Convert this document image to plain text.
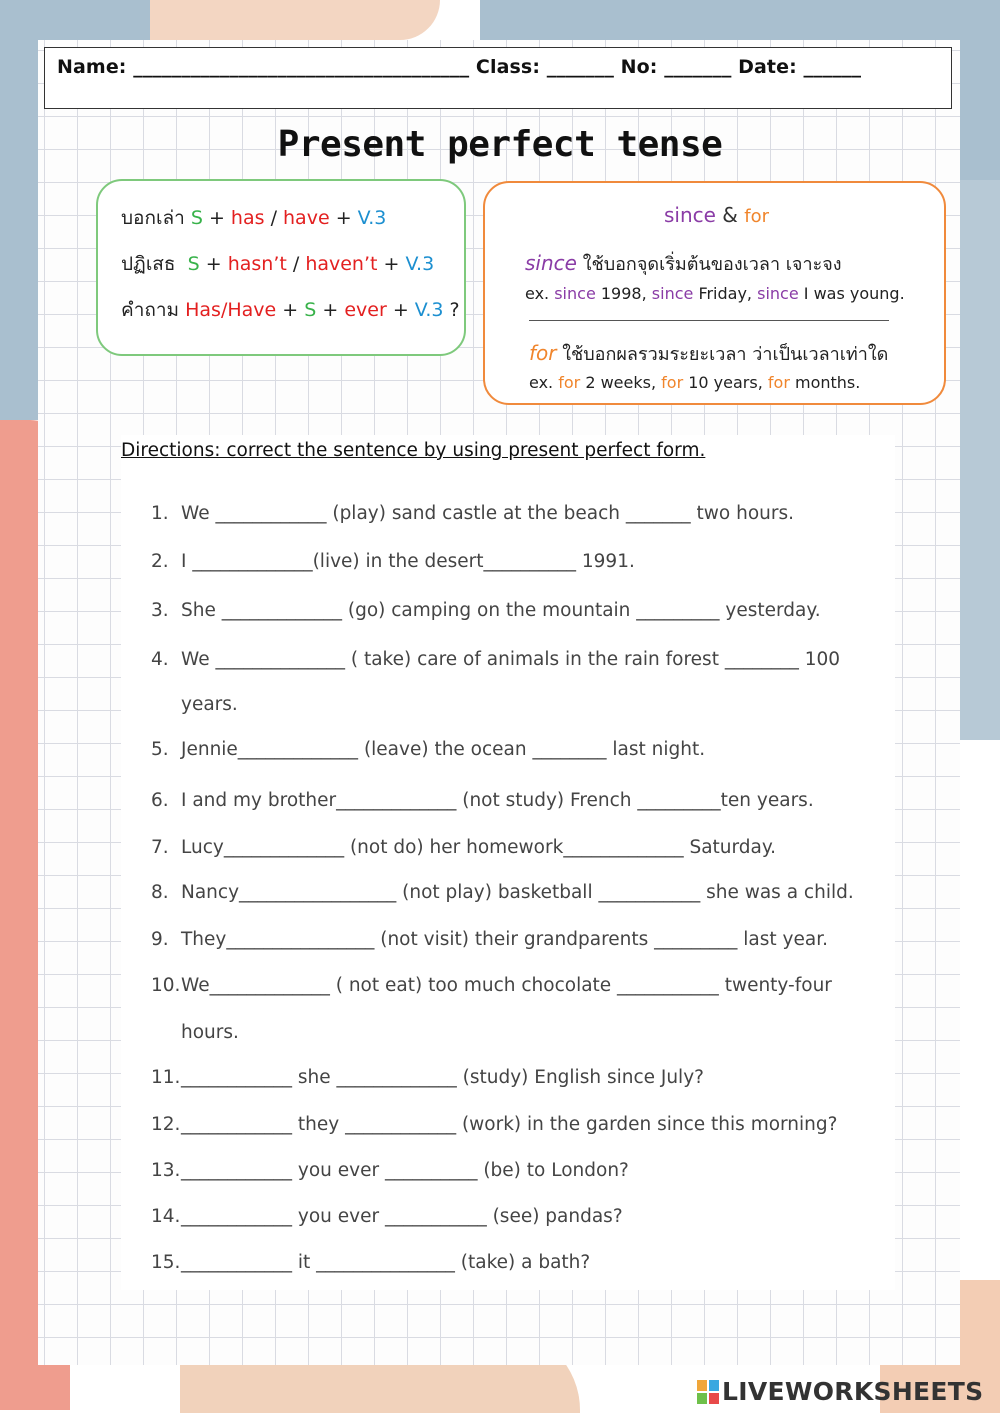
Name: ___________________________________ Class: _______ No: _______ Date: ______
Present perfect tense
บอกเล่า S + has / have + V.3
ปฏิเสธ S + hasn’t / haven’t + V.3
คำถาม Has/Have + S + ever + V.3 ?
since & for
since ใช้บอกจุดเริ่มต้นของเวลา เจาะจง
ex. since 1998, since Friday, since I was young.
for ใช้บอกผลรวมระยะเวลา ว่าเป็นเวลาเท่าใด
ex. for 2 weeks, for 10 years, for months.
Directions: correct the sentence by using present perfect form.
1. We ____________ (play) sand castle at the beach _______ two hours.
2. I _____________(live) in the desert__________ 1991.
3. She _____________ (go) camping on the mountain _________ yesterday.
4. We ______________ ( take) care of animals in the rain forest ________ 100
years.
5. Jennie_____________ (leave) the ocean ________ last night.
6. I and my brother_____________ (not study) French _________ten years.
7. Lucy_____________ (not do) her homework_____________ Saturday.
8. Nancy_________________ (not play) basketball ___________ she was a child.
9. They________________ (not visit) their grandparents _________ last year.
10. We_____________ ( not eat) too much chocolate ___________ twenty-four
hours.
11. ____________ she _____________ (study) English since July?
12. ____________ they ____________ (work) in the garden since this morning?
13. ____________ you ever __________ (be) to London?
14. ____________ you ever ___________ (see) pandas?
15. ____________ it _______________ (take) a bath?
LIVEWORKSHEETS
